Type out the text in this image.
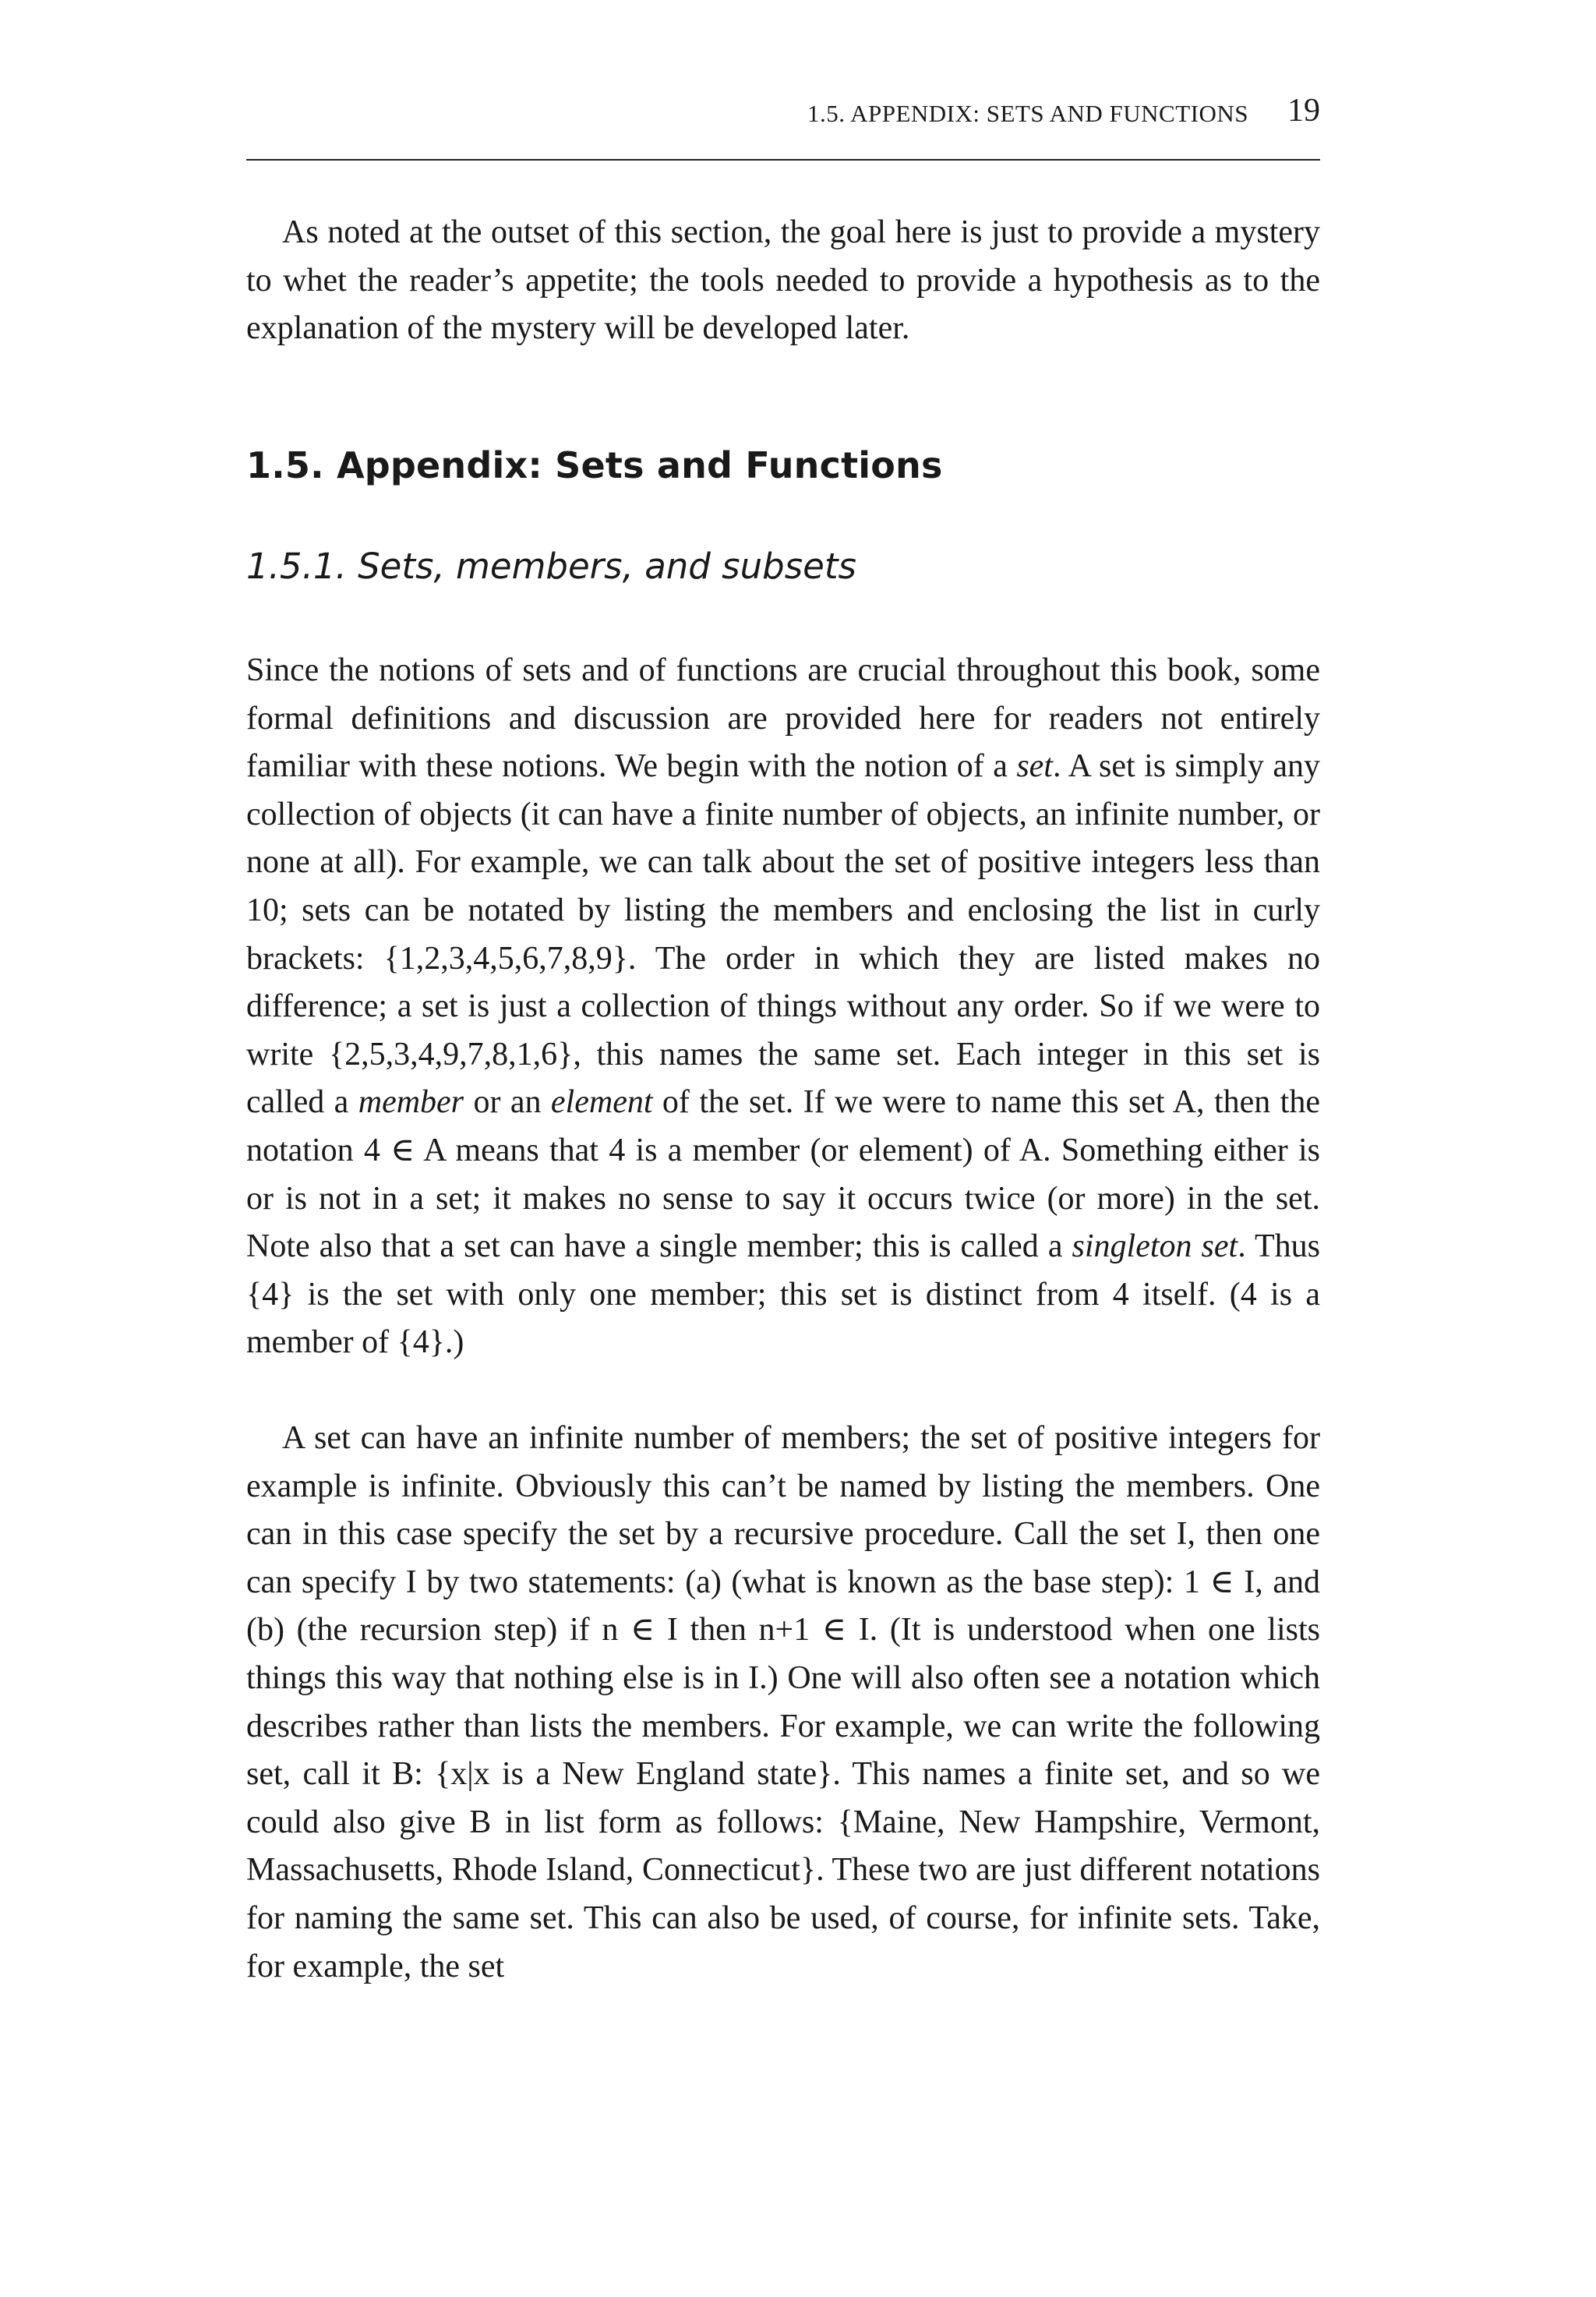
1.5. APPENDIX: SETS AND FUNCTIONS 19

As noted at the outset of this section, the goal here is just to provide a mystery to whet the reader’s appetite; the tools needed to provide a hypothesis as to the explanation of the mystery will be developed later.

1.5. Appendix: Sets and Functions
1.5.1. Sets, members, and subsets

Since the notions of sets and of functions are crucial throughout this book, some formal definitions and discussion are provided here for readers not entirely familiar with these notions. We begin with the notion of a set. A set is simply any collection of objects (it can have a finite number of objects, an infinite number, or none at all). For example, we can talk about the set of positive integers less than 10; sets can be notated by listing the members and enclosing the list in curly brackets: {1,2,3,4,5,6,7,8,9}. The order in which they are listed makes no difference; a set is just a collection of things without any order. So if we were to write {2,5,3,4,9,7,8,1,6}, this names the same set. Each integer in this set is called a member or an element of the set. If we were to name this set A, then the notation 4 ∈ A means that 4 is a member (or element) of A. Something either is or is not in a set; it makes no sense to say it occurs twice (or more) in the set. Note also that a set can have a single member; this is called a singleton set. Thus {4} is the set with only one member; this set is distinct from 4 itself. (4 is a member of {4}.)

A set can have an infinite number of members; the set of positive integers for example is infinite. Obviously this can’t be named by listing the members. One can in this case specify the set by a recursive procedure. Call the set I, then one can specify I by two statements: (a) (what is known as the base step): 1 ∈ I, and (b) (the recursion step) if n ∈ I then n+1 ∈ I. (It is understood when one lists things this way that nothing else is in I.) One will also often see a notation which describes rather than lists the members. For example, we can write the following set, call it B: {x|x is a New England state}. This names a finite set, and so we could also give B in list form as follows: {Maine, New Hampshire, Vermont, Massachusetts, Rhode Island, Connecticut}. These two are just different notations for naming the same set. This can also be used, of course, for infinite sets. Take, for example, the set
